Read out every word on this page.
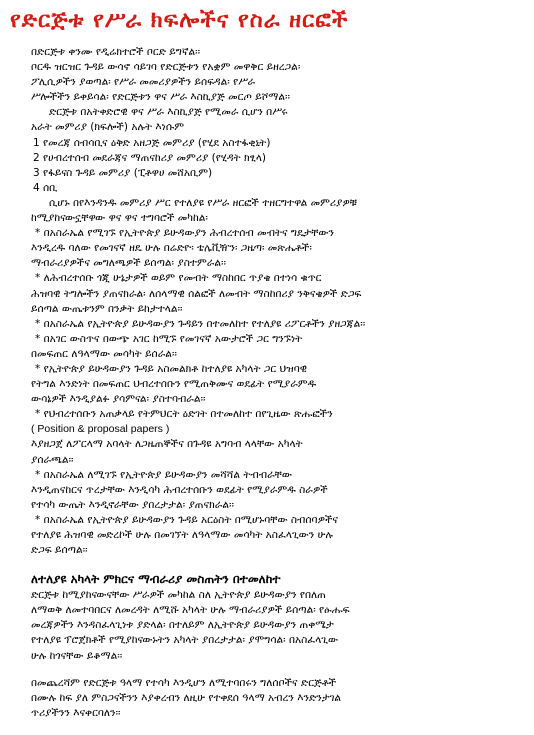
የድርጅቱ የሥራ ክፍሎችና የስራ ዘርፎች
በድርጅቱ ቀንሙ የዲሬክተሮች ቦርድ ይግኛል፡፡
ቦርዱ ዝርዝር ጉዳይ ውሳኖ ሳይገባ የድርጅቱን የአቋም መዋቅር ይዘረጋል፡
ፖሊሲዎችን ያወጣል፡ የሥራ መመሪያዎችን ይሰፍዳል፡ የሥራ
ሥሎችችን ይቀይሳል፡ የድርጅቱን ዋና ሥራ እስኪያጅ መርጦ ይሾማል፡፡
ድርጅቱ በአትቀድሮዊ ዋና ሥራ እስኪያጅ የሚመራ ሲሆን በሥሩ
አራት መምሪያ (ክፍሎች) አሉት እነሱም
1 የመረጃ ሰብሳቢና ዕቅድ አዘጋጅ መምሪያ (የሂደ አስተፋቂኒት)
2 የሀብረተሰብ መደራጃና ማጠናከሪያ መምሪያ (የሂዳት ክፂላ)
3 የፋይናስ ጉዳይ መምሪያ (ፒቶዋሀ መሸአቢም)
4 ሰቢ
ሲሆኑ በየእንዳንዱ መምሪያ ሥር የተለያዩ የሥራ ዘርፎች ተዘርግተዋል መምሪያዎቹ
ከሚያከናውኗቸዋው ዋና ዋና ተግባሮች መካከል፡
* በአስራኤል የሚገኙ የኢትዮጵያ ይሁዳውያን ሕብረተሰብ መብትና ግዴታቸውን
እንዲረዱ ባለው የመገናኛ ዘዴ ሁሉ በሬድዮ፡ ቴሌቪዥን፡ ጋዜጣ፡ መጽሔቶች፡
ማብራሪያዎችና መግለጫዎች ይሰጣል፡ ያስተምራል፡፡
* ለሕብረተሰቡ ጎጂ ሁኔታዎች ወይም የመብት ማስከበር ጥያቄ በተነሳ ቁጥር
ሕዝባዊ ትግሎችን ያጠናክራል፡ ለሰላማዊ ሰልፎች ለመብት ማስከበሪያ ንቅናቄዎች ድጋፍ
ይሰጣል ውጤቱንም በንቃት ይከታተላል፡፡
* በአስራኤል የኢትዮጵያ ይሁዳውያን ጉዳይን በተመለከተ የተለያዩ ሪፖርቶችን ያዘጋጃል፡፡
* በአገር ውስጥና በውጭ አገር ከሚኙ የመገናኛ አውታሮች ጋር ግንኙነት
በመፍጠር ለዓላማው መሳካት ይሰራል፡፡
* የኢትዮጵያ ይሁዳውያን ጉዳይ አስመልክቶ ከተለያዩ አካላት ጋር ህዝባዊ
የትግል እንድነት በመፍጠር ህብረተሰቡን የሚጠቅሙና ወደፊት የሚያራምዱ
ውሳኔዎች እንዲያልፉ ያሳምናል፡ ያስተባብራል፡፡
* የህብረተሰቡን አጠቃላይ የትምህርት ዕድገት በተመለከተ በየጊዜው ጽሑፎችን
( Position & proposal papers )
እያዘጋጀ ለፖርላማ አባላት ለጋዜጠኞችና በጉዳዩ አግባብ ላላቸው አካላት
ያሰራጫል፡፡
* በአስራኤል ለሚገኙ የኢትዮጵያ ይሁዳውያን መሻሻል ትብብራቸው
እንዲጠናከርና ጥረታቸው እንዲሳካ ሕብረተሰቡን ወደፊት የሚያራምዱ ስራዎች
የተሳካ ውጤት እንዲኖራቸው ያበረታታል፡ ያጠናክራል፡፡
* በአስራኤል የኢትዮጵያ ይሁዳውያን ጉዳይ አርዕስት በሚሆኑባቸው ስብሰባዎችና
የተለያዩ ሕዝባዊ መድረኮች ሁሉ በመገኘት ለዓላማው መሳካት አስፈላጊውን ሁሉ
ድጋፍ ይሰጣል፡፡
ለተለያዩ አካላት ምክርና ማብራሪያ መስጠትን በተመለከተ
ድርጅቱ ከሚያከናውናቸው ሥራዎች መካከል ስለ ኢትዮጵያ ይሁዳውያን የበለጠ
ለማወቅ ለመተባበርና ለመረዳት ለሚሹ አካላት ሁሉ ማብራሪያዎች ይሰጣል፡ የፁሑፍ
መረጃዎችን እንዳስፈላጊነቱ ያድላል፡ በተለይም ለኢትዮጵያ ይሁዳውያን ጠቀሜታ
የተለያዩ ፕሮጀክቶች የሚያከናውኑትን አካላት ያበረታታል፡ ያሞግሳል፡ በአስፈላጊው
ሁሉ ከጎናቸው ይቆማል፡፡
በመጨረሻም የድርጅቱ ዓላማ የተሳካ እንዲሆን ለሚተባበሩን ግለሰቦችና ድርጅቶች
በሙሉ ከፍ ያለ ምስጋናችንን እያቀረብን ለዚሁ የተቀደሰ ዓላማ አብረን እንድንታገል
ጥሪያችንን እናቀርባለን፡፡
